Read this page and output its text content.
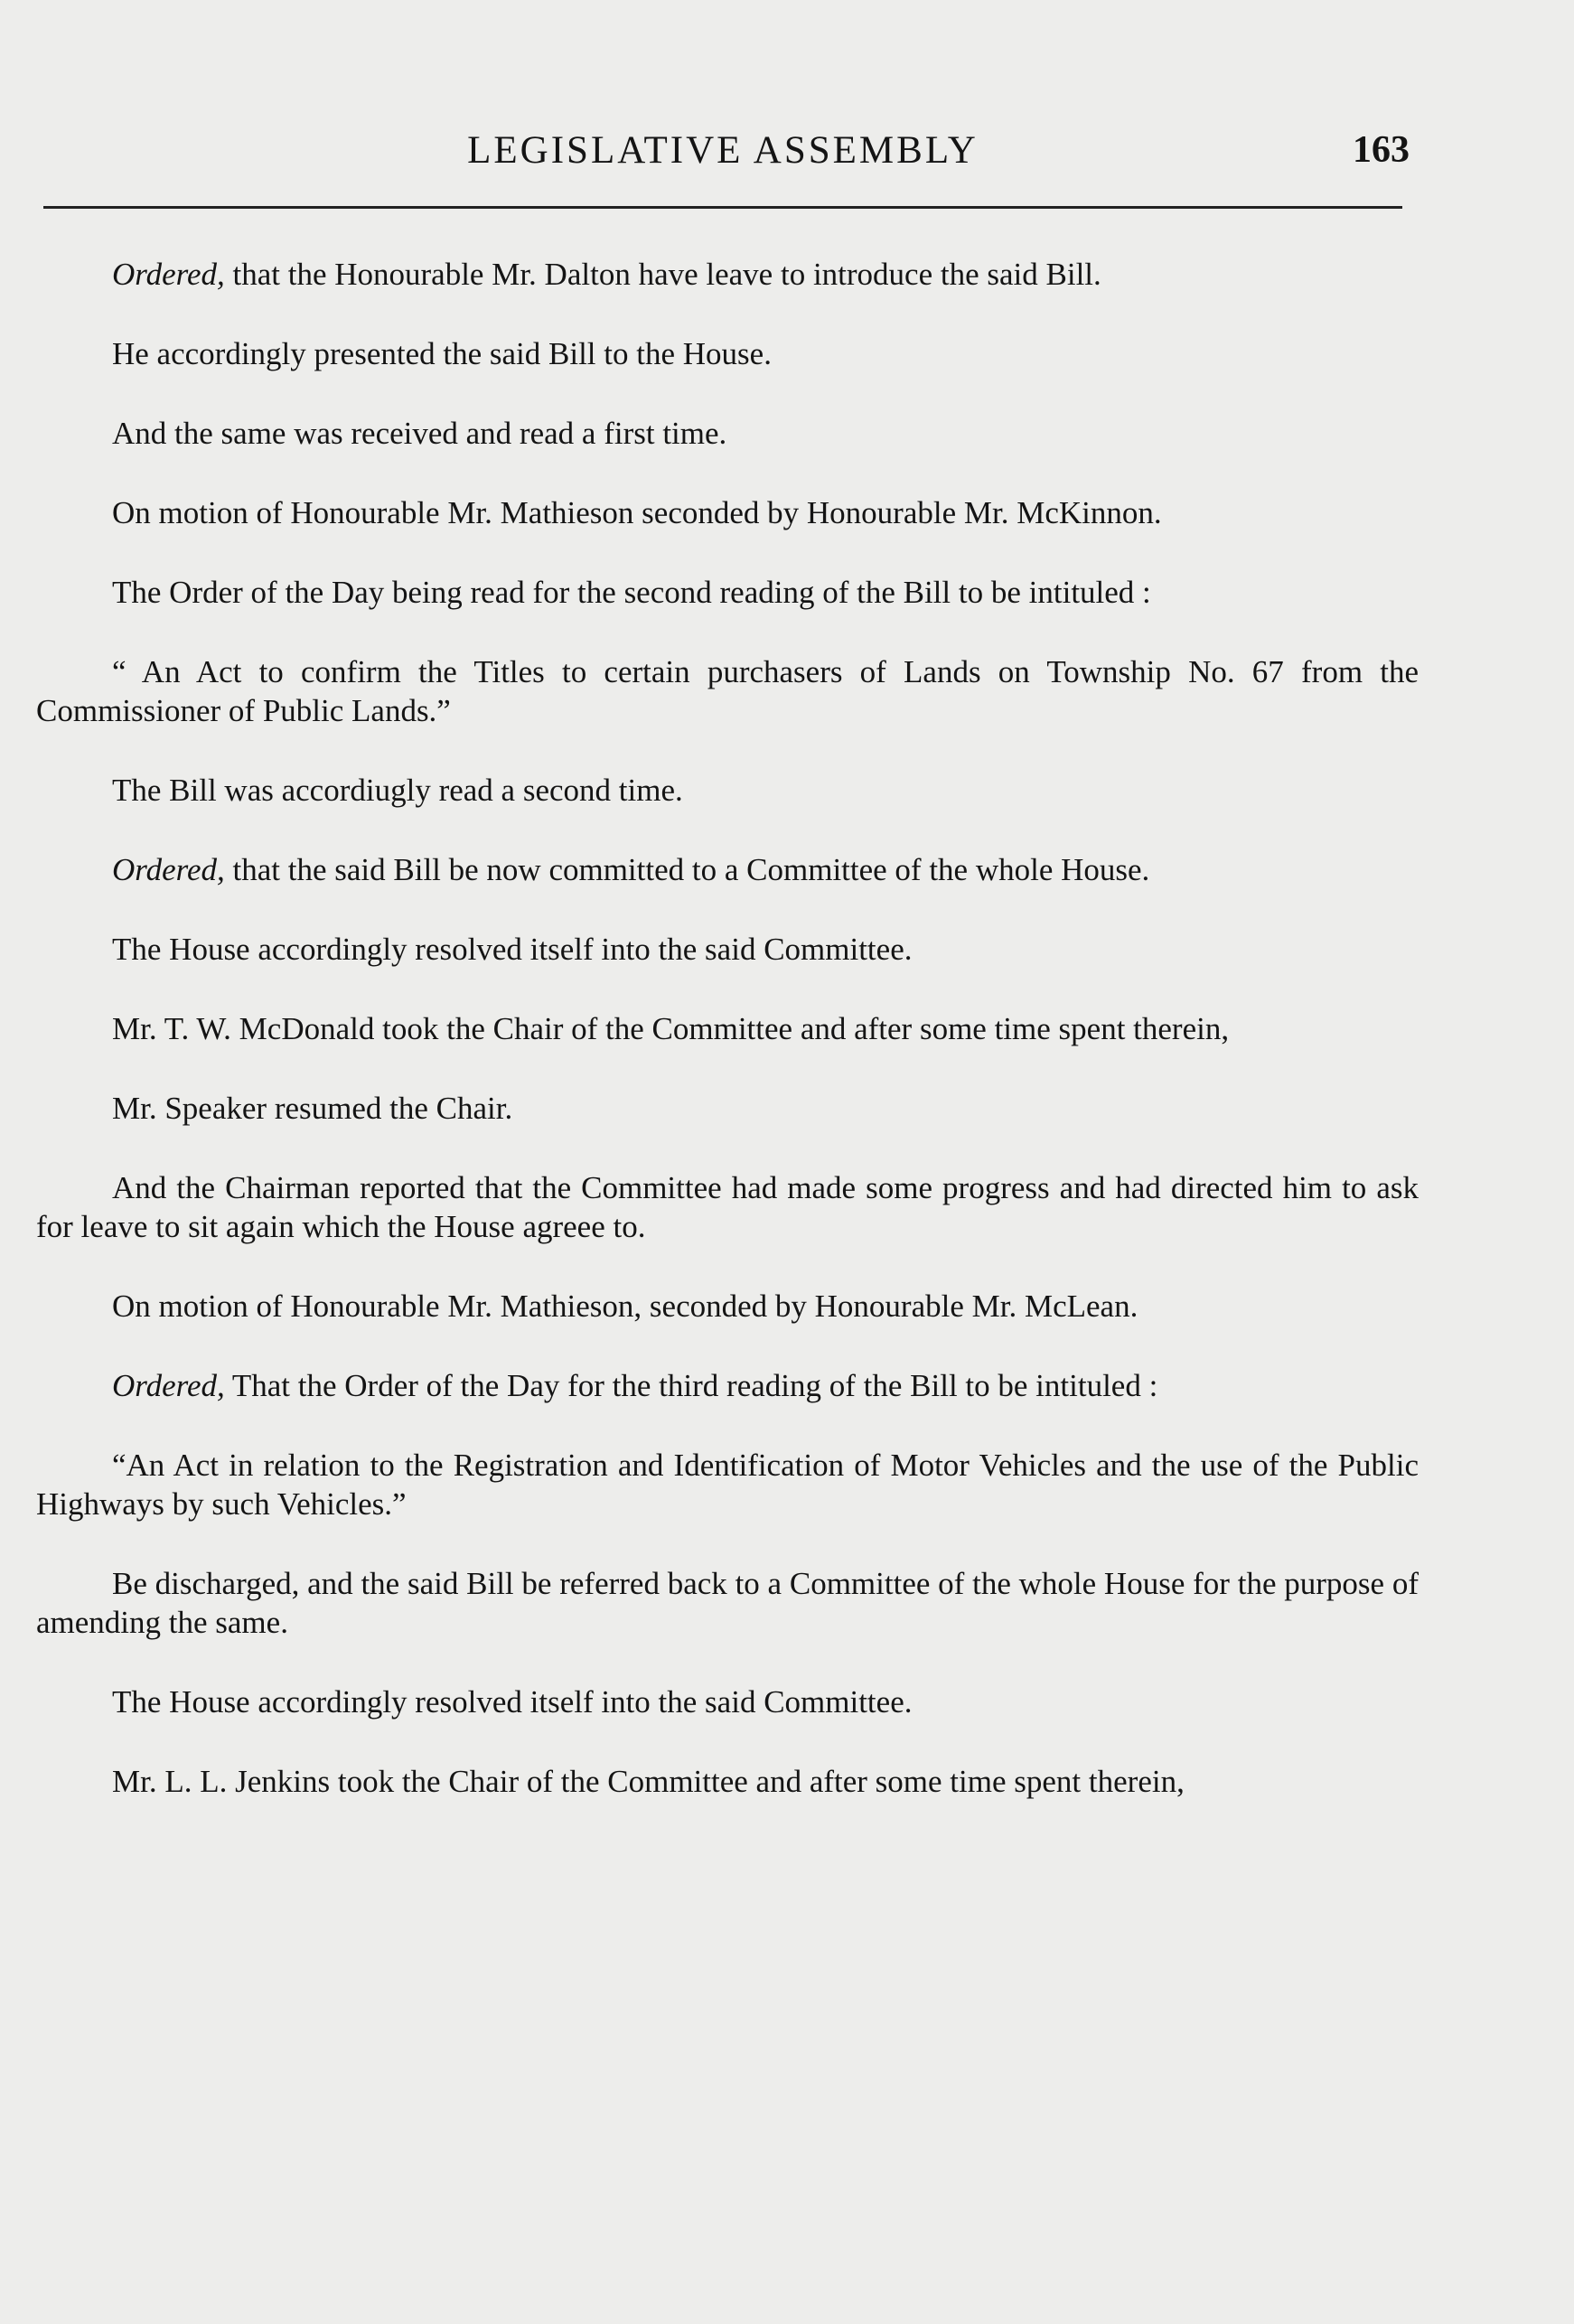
LEGISLATIVE ASSEMBLY	163

Ordered, that the Honourable Mr. Dalton have leave to introduce the said Bill.

He accordingly presented the said Bill to the House.

And the same was received and read a first time.

On motion of Honourable Mr. Mathieson seconded by Honourable Mr. McKinnon.

The Order of the Day being read for the second reading of the Bill to be intituled :

“ An Act to confirm the Titles to certain purchasers of Lands on Township No. 67 from the Commissioner of Public Lands.”

The Bill was accordiugly read a second time.

Ordered, that the said Bill be now committed to a Committee of the whole House.

The House accordingly resolved itself into the said Committee.

Mr. T. W. McDonald took the Chair of the Committee and after some time spent therein,

Mr. Speaker resumed the Chair.

And the Chairman reported that the Committee had made some progress and had directed him to ask for leave to sit again which the House agreee to.

On motion of Honourable Mr. Mathieson, seconded by Honourable Mr. McLean.

Ordered, That the Order of the Day for the third reading of the Bill to be intituled :

“An Act in relation to the Registration and Identification of Motor Vehicles and the use of the Public Highways by such Vehicles.”

Be discharged, and the said Bill be referred back to a Committee of the whole House for the purpose of amending the same.

The House accordingly resolved itself into the said Committee.

Mr. L. L. Jenkins took the Chair of the Committee and after some time spent therein,
